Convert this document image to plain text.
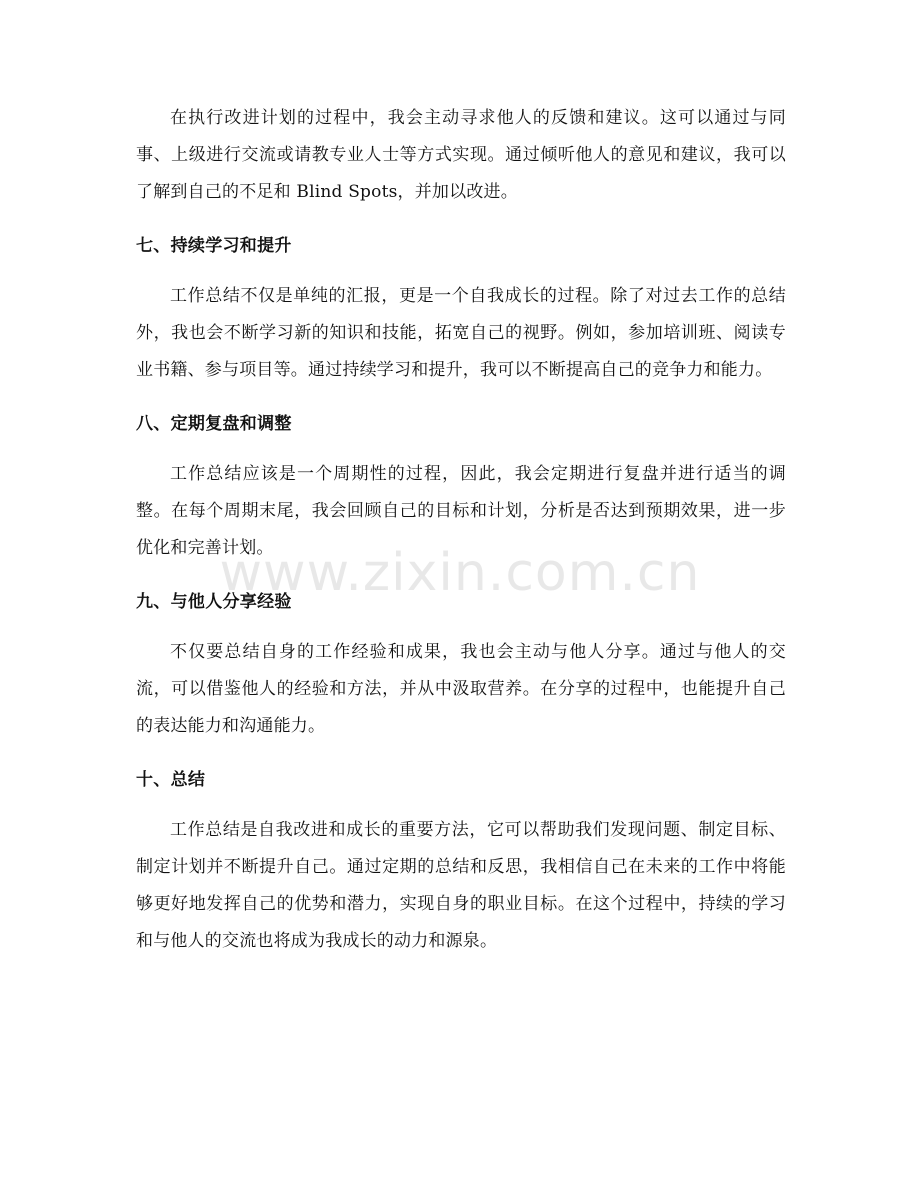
在执行改进计划的过程中，我会主动寻求他人的反馈和建议。这可以通过与同事、上级进行交流或请教专业人士等方式实现。通过倾听他人的意见和建议，我可以了解到自己的不足和 Blind Spots，并加以改进。

七、持续学习和提升

工作总结不仅是单纯的汇报，更是一个自我成长的过程。除了对过去工作的总结外，我也会不断学习新的知识和技能，拓宽自己的视野。例如，参加培训班、阅读专业书籍、参与项目等。通过持续学习和提升，我可以不断提高自己的竞争力和能力。

八、定期复盘和调整

工作总结应该是一个周期性的过程，因此，我会定期进行复盘并进行适当的调整。在每个周期末尾，我会回顾自己的目标和计划，分析是否达到预期效果，进一步优化和完善计划。

九、与他人分享经验

不仅要总结自身的工作经验和成果，我也会主动与他人分享。通过与他人的交流，可以借鉴他人的经验和方法，并从中汲取营养。在分享的过程中，也能提升自己的表达能力和沟通能力。

十、总结

工作总结是自我改进和成长的重要方法，它可以帮助我们发现问题、制定目标、制定计划并不断提升自己。通过定期的总结和反思，我相信自己在未来的工作中将能够更好地发挥自己的优势和潜力，实现自身的职业目标。在这个过程中，持续的学习和与他人的交流也将成为我成长的动力和源泉。

www.zixin.com.cn
